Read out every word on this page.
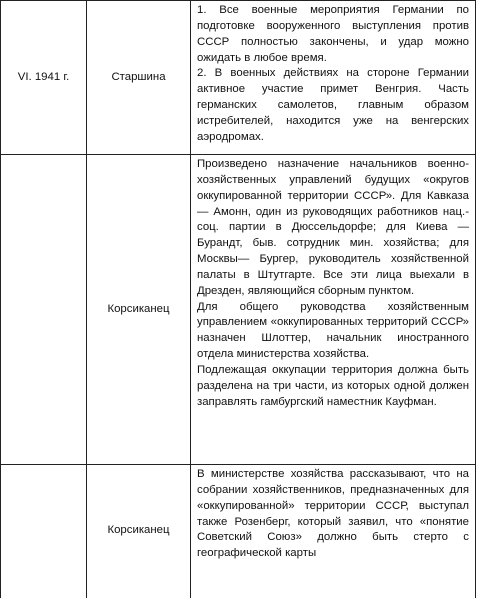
VI. 1941 г.	Старшина	1. Все военные мероприятия Германии по подготовке вооруженного выступления против СССР полностью закончены, и удар можно ожидать в любое время.

2. В военных действиях на стороне Германии активное участие примет Венгрия. Часть германских самолетов, главным образом истребителей, находится уже на венгерских аэродромах.

	Корсиканец	Произведено назначение начальников военно-хозяйственных управлений будущих «округов оккупированной территории СССР». Для Кавказа — Амонн, один из руководящих работников нац.-соц. партии в Дюссельдорфе; для Киева — Бурандт, быв. сотрудник мин. хозяйства; для Москвы— Бургер, руководитель хозяйственной палаты в Штутгарте. Все эти лица выехали в Дрезден, являющийся сборным пунктом.

Для общего руководства хозяйственным управлением «оккупированных территорий СССР» назначен Шлоттер, начальник иностранного отдела министерства хозяйства.

Подлежащая оккупации территория должна быть разделена на три части, из которых одной должен заправлять гамбургский наместник Кауфман.

	Корсиканец	В министерстве хозяйства рассказывают, что на собрании хозяйственников, предназначенных для «оккупированной» территории СССР, выступал также Розенберг, который заявил, что «понятие Советский Союз» должно быть стерто с географической карты
